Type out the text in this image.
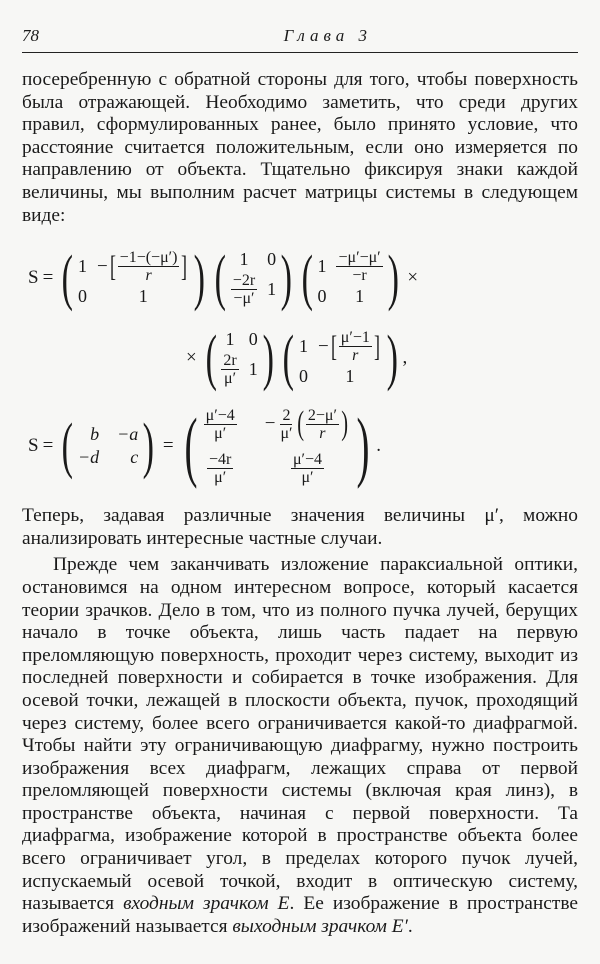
78	Глава 3

посеребренную с обратной стороны для того, чтобы поверхность была отражающей. Необходимо заметить, что среди других правил, сформулированных ранее, было принято условие, что расстояние считается положительным, если оно измеряется по направлению от объекта. Тщательно фиксируя знаки каждой величины, мы выполним расчет матрицы системы в следующем виде:

S = ( 1 − [ $\frac{-1-(-\mu')}{r}$ ]
0	1 ) ( 1	0
$\frac{-2r}{-\mu'} 1$ ) ( $1 \frac{-\mu'-\mu'}{-r}$
0	1 ) ×
× ( 1 0
$\frac{2r}{\mu'} 1$ ) ( 1 − [ $\frac{\mu'-1}{r}$ ]
0	1 ) ,
S = ( b −a
−d	c ) = ( $\frac{\mu'-4}{\mu'} - \frac{2}{\mu'}$ ( $\frac{2-\mu'}{r}$ )
$\frac{-4r}{\mu'} \frac{\mu'-4}{\mu'}$ ) .

Теперь, задавая различные значения величины μ′, можно анализировать интересные частные случаи.

Прежде чем заканчивать изложение параксиальной оптики, остановимся на одном интересном вопросе, который касается теории зрачков. Дело в том, что из полного пучка лучей, берущих начало в точке объекта, лишь часть падает на первую преломляющую поверхность, проходит через систему, выходит из последней поверхности и собирается в точке изображения. Для осевой точки, лежащей в плоскости объекта, пучок, проходящий через систему, более всего ограничивается какой-то диафрагмой. Чтобы найти эту ограничивающую диафрагму, нужно построить изображения всех диафрагм, лежащих справа от первой преломляющей поверхности системы (включая края линз), в пространстве объекта, начиная с первой поверхности. Та диафрагма, изображение которой в пространстве объекта более всего ограничивает угол, в пределах которого пучок лучей, испускаемый осевой точкой, входит в оптическую систему, называется входным зрачком E. Ее изображение в пространстве изображений называется выходным зрачком E′.
